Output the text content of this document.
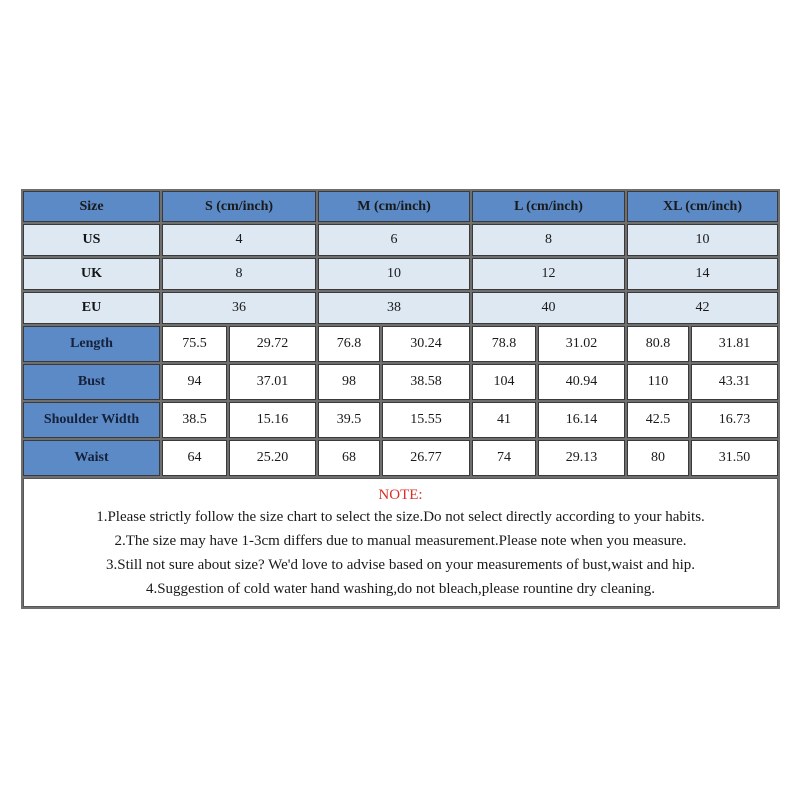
Size	S (cm/inch)		M (cm/inch)		L (cm/inch)		XL (cm/inch)	
US	4		6		8		10	
UK	8		10		12		14	
EU	36		38		40		42	
Length	75.5	29.72	76.8	30.24	78.8	31.02	80.8	31.81
Bust	94	37.01	98	38.58	104	40.94	110	43.31
Shoulder Width	38.5	15.16	39.5	15.55	41	16.14	42.5	16.73
Waist	64	25.20	68	26.77	74	29.13	80	31.50
NOTE:
1.Please strictly follow the size chart to select the size.Do not select directly according to your habits.
2.The size may have 1-3cm differs due to manual measurement.Please note when you measure.
3.Still not sure about size? We'd love to advise based on your measurements of bust,waist and hip.
4.Suggestion of cold water hand washing,do not bleach,please rountine dry cleaning.
